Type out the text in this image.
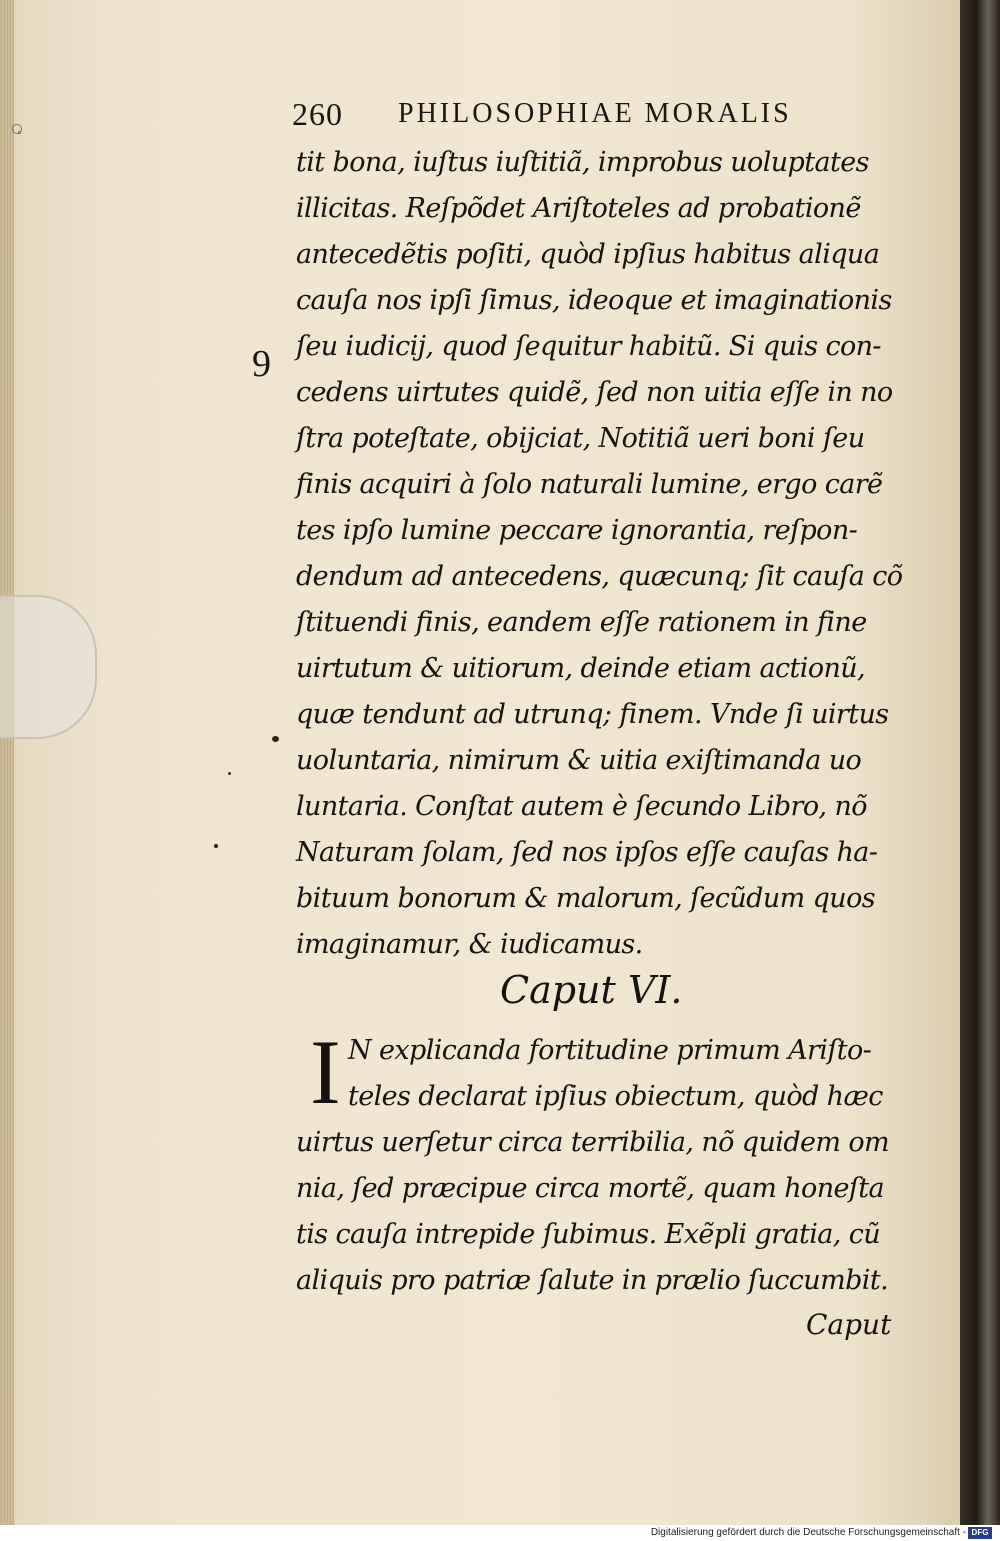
260 PHILOSOPHIAE MORALIS
9
tit bona, iuſtus iuſtitiã, improbus uoluptates
illicitas. Reſpõdet Ariſtoteles ad probationẽ
antecedẽtis poſiti, quòd ipſius habitus aliqua
cauſa nos ipſi ſimus, ideoque et imaginationis
ſeu iudicij, quod ſequitur habitũ. Si quis con-
cedens uirtutes quidẽ, ſed non uitia eſſe in no
ſtra poteſtate, obijciat, Notitiã ueri boni ſeu
finis acquiri à ſolo naturali lumine, ergo carẽ
tes ipſo lumine peccare ignorantia, reſpon-
dendum ad antecedens, quæcunq; ſit cauſa cõ
ſtituendi finis, eandem eſſe rationem in fine
uirtutum & uitiorum, deinde etiam actionũ,
quæ tendunt ad utrunq; finem. Vnde ſi uirtus
uoluntaria, nimirum & uitia exiſtimanda uo
luntaria. Conſtat autem è ſecundo Libro, nõ
Naturam ſolam, ſed nos ipſos eſſe cauſas ha-
bituum bonorum & malorum, ſecũdum quos
imaginamur, & iudicamus.
N explicanda fortitudine primum Ariſto-
teles declarat ipſius obiectum, quòd hæc
uirtus uerſetur circa terribilia, nõ quidem om
nia, ſed præcipue circa mortẽ, quam honeſta
tis cauſa intrepide ſubimus. Exẽpli gratia, cũ
aliquis pro patriæ ſalute in prælio ſuccumbit.
Caput VI.
I
Caput
Digitalisierung gefördert durch die Deutsche Forschungsgemeinschaft - DFG
